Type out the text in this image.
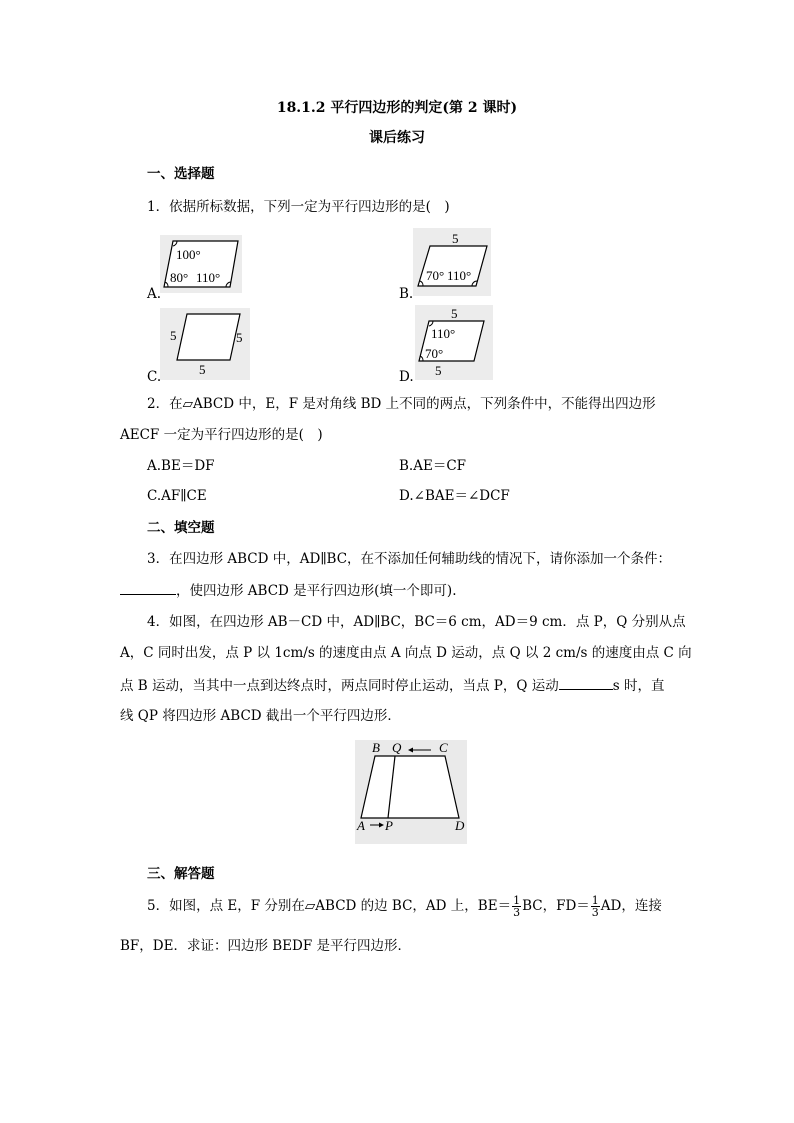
18.1.2 平行四边形的判定(第 2 课时)
课后练习
一、选择题
1．依据所标数据，下列一定为平行四边形的是(　)
100°
80° 110°
A.
5
70° 110°
B.
5	5
5
C.
5
110°
70°
5
D.
2．在▱ABCD 中，E，F 是对角线 BD 上不同的两点，下列条件中，不能得出四边形
AECF 一定为平行四边形的是(　)
A.BE＝DF	B.AE＝CF
C.AF∥CE	D.∠BAE＝∠DCF
二、填空题
3．在四边形 ABCD 中，AD∥BC，在不添加任何辅助线的情况下，请你添加一个条件：
，使四边形 ABCD 是平行四边形(填一个即可).
4．如图，在四边形 AB－CD 中，AD∥BC，BC＝6 cm，AD＝9 cm．点 P，Q 分别从点
A，C 同时出发，点 P 以 1cm/s 的速度由点 A 向点 D 运动，点 Q 以 2 cm/s 的速度由点 C 向
点 B 运动，当其中一点到达终点时，两点同时停止运动，当点 P，Q 运动	s 时，直
线 QP 将四边形 ABCD 截出一个平行四边形．
B Q	C
A P	D
三、解答题
5．如图，点 E，F 分别在▱ABCD 的边 BC，AD 上，$BE= \frac{1}{3}$ BC，$FD= \frac{1}{3}$ AD，连接
BF，DE．求证：四边形 BEDF 是平行四边形．
